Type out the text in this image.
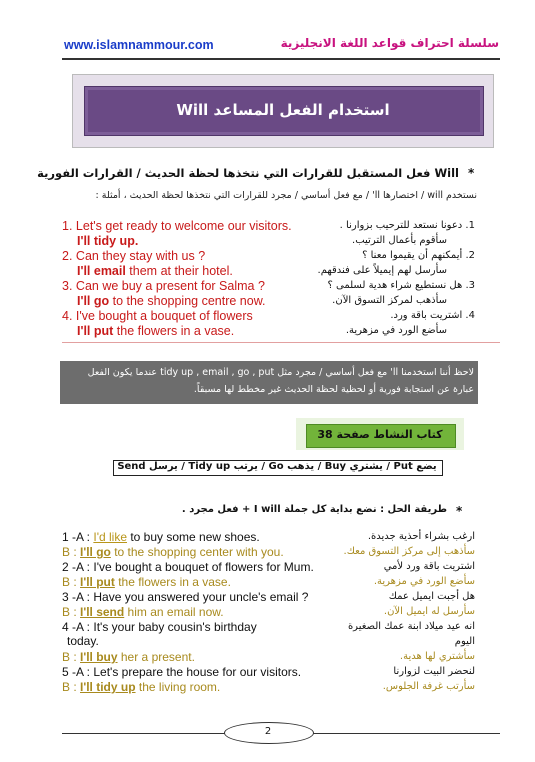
www.islamnammour.com	سلسلة احتراف قواعد اللغة الانجليزية
استخدام الفعل المساعد Will
*
Will فعل المستقبل للقرارات التي نتخذها لحظة الحديث / القرارات الفورية
نستخدم will / اختصارها ll' / مع فعل أساسي / مجرد للقرارات التي نتخذها لحظة الحديث ، أمثلة :
1. Let's get ready to welcome our visitors.
I'll tidy up.
1. دعونا نستعد للترحيب بزوارنا .
سأقوم بأعمال الترتيب.
2. Can they stay with us ?
I'll email them at their hotel.
2. أيمكنهم أن يقيموا معنا ؟
سأرسل لهم إيميلاً على فندقهم.
3. Can we buy a present for Salma ?
I'll go to the shopping centre now.
3. هل نستطيع شراء هدية لسلمى ؟
سأذهب لمركز التسوق الآن.
4. I've bought a bouquet of flowers
I'll put the flowers in a vase.
4. اشتريت باقة ورد.
سأضع الورد في مزهرية.
لاحظ أننا استخدمنا ll' مع فعل أساسي / مجرد مثل tidy up , email , go , put عندما يكون الفعل عبارة عن استجابة فورية أو لحظية لحظة الحديث غير مخطط لها مسبقاً.
كتاب النشاط صفحة 38
يضع Put / يشتري Buy / يذهب Go / يرتب Tidy up / يرسل Send
*
طريقة الحل : نضع بداية كل جملة I will + فعل مجرد .
1 -A : I'd like to buy some new shoes.
B : I'll go to the shopping center with you.
ارغب بشراء أحذية جديدة.
سأذهب إلى مركز التسوق معك.
2 -A : I've bought a bouquet of flowers for Mum.
B : I'll put the flowers in a vase.
اشتريت باقة ورد لأمي
سأضع الورد في مزهرية.
3 -A : Have you answered your uncle's email ?
B : I'll send him an email now.
هل أجبت ايميل عمك
سأرسل له ايميل الآن.
4 -A : It's your baby cousin's birthday
today.
B : I'll buy her a present.
انه عيد ميلاد ابنة عمك الصغيرة
اليوم
سأشتري لها هدية.
5 -A : Let's prepare the house for our visitors.
B : I'll tidy up the living room.
لنحضر البيت لزوارنا
سأرتب غرفة الجلوس.
2
